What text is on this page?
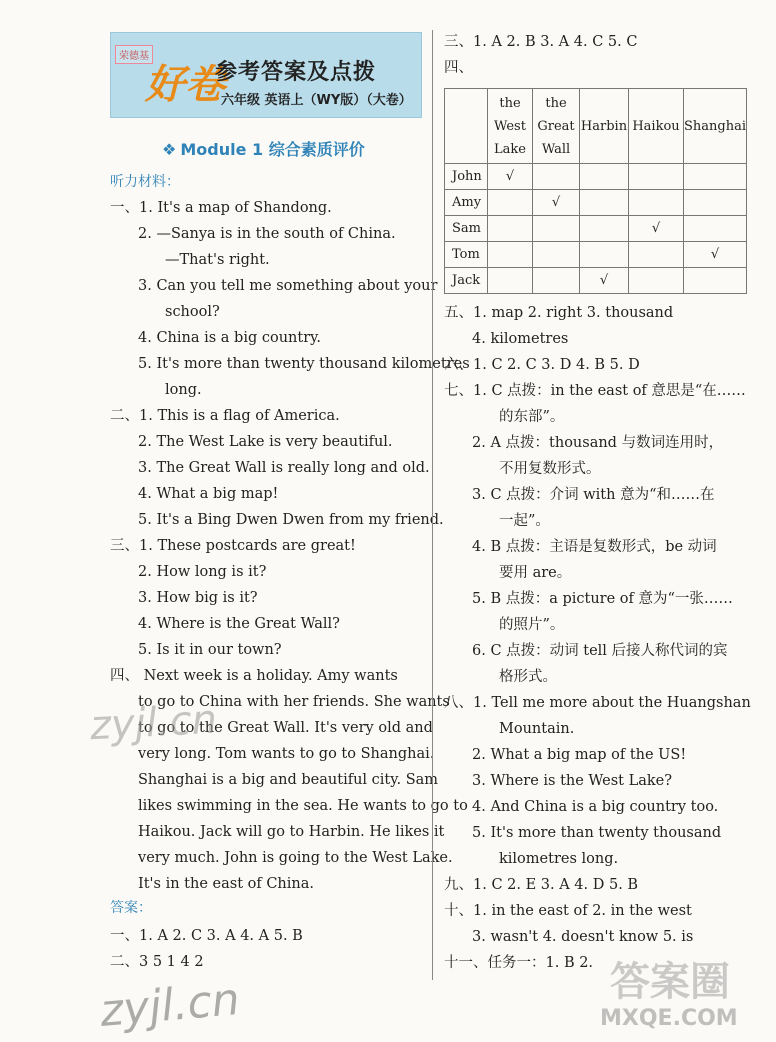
荣德基
好卷
参考答案及点拨
六年级 英语上（WY版）（大卷）
❖ Module 1 综合素质评价
听力材料：
一、1. It's a map of Shandong.
2. —Sanya is in the south of China.
—That's right.
3. Can you tell me something about your
school?
4. China is a big country.
5. It's more than twenty thousand kilometres
long.
二、1. This is a flag of America.
2. The West Lake is very beautiful.
3. The Great Wall is really long and old.
4. What a big map!
5. It's a Bing Dwen Dwen from my friend.
三、1. These postcards are great!
2. How long is it?
3. How big is it?
4. Where is the Great Wall?
5. Is it in our town?
四、 Next week is a holiday. Amy wants
to go to China with her friends. She wants
to go to the Great Wall. It's very old and
very long. Tom wants to go to Shanghai.
Shanghai is a big and beautiful city. Sam
likes swimming in the sea. He wants to go to
Haikou. Jack will go to Harbin. He likes it
very much. John is going to the West Lake.
It's in the east of China.
答案：
一、1. A 2. C 3. A 4. A 5. B
二、3 5 1 4 2
三、1. A 2. B 3. A 4. C 5. C
四、
	the West Lake	the Great Wall	Harbin	Haikou	Shanghai
John	√				
Amy		√			
Sam				√	
Tom					√
Jack			√		
五、1. map 2. right 3. thousand
4. kilometres
六、1. C 2. C 3. D 4. B 5. D
七、1. C 点拨：in the east of 意思是“在……
的东部”。
2. A 点拨：thousand 与数词连用时，
不用复数形式。
3. C 点拨：介词 with 意为“和……在
一起”。
4. B 点拨：主语是复数形式，be 动词
要用 are。
5. B 点拨：a picture of 意为“一张……
的照片”。
6. C 点拨：动词 tell 后接人称代词的宾
格形式。
八、1. Tell me more about the Huangshan
Mountain.
2. What a big map of the US!
3. Where is the West Lake?
4. And China is a big country too.
5. It's more than twenty thousand
kilometres long.
九、1. C 2. E 3. A 4. D 5. B
十、1. in the east of 2. in the west
3. wasn't 4. doesn't know 5. is
十一、任务一：1. B 2.
zyjl.cn
zyjl.cn	答案圈
MXQE.COM
